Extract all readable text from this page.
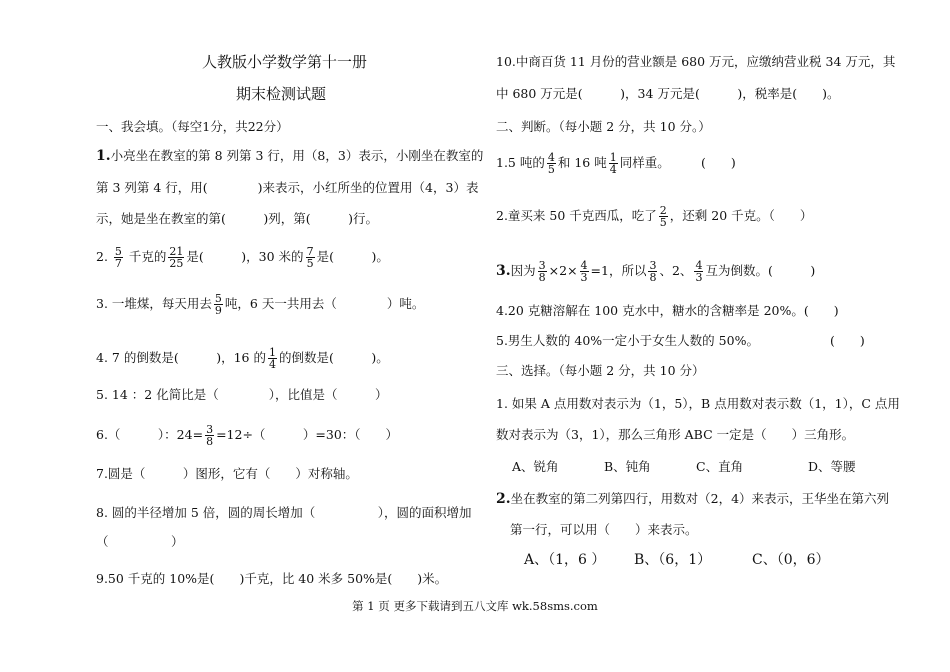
人教版小学数学第十一册
期末检测试题
一、我会填。（每空1分，共22分）
1.小亮坐在教室的第 8 列第 3 行，用（8，3）表示，小刚坐在教室的
第 3 列第 4 行，用(　　　　)来表示，小红所坐的位置用（4，3）表
示，她是坐在教室的第(　　　)列，第(　　　)行。
2. $\frac{5}{7}$ 千克的 $\frac{21}{25}$ 是(　　　)，30 米的 $\frac{7}{5}$ 是(　　　)。
3. 一堆煤，每天用去 $\frac{5}{9}$ 吨，6 天一共用去（　　　　）吨。
4. 7 的倒数是(　　　)，16 的 $\frac{1}{4}$ 的倒数是(　　　)。
5. 14 ：2 化简比是（　　　　），比值是（　　　）
6.（　　　）：$24= \frac{3}{8} =12\div$（　　　）=30：（　　）
7.圆是（　　　）图形，它有（　　）对称轴。
8. 圆的半径增加 5 倍，圆的周长增加（　　　　　），圆的面积增加
（　　　　　）
9.50 千克的 10%是(　　)千克，比 40 米多 50%是(　　)米。
10.中商百货 11 月份的营业额是 680 万元，应缴纳营业税 34 万元，其
中 680 万元是(　　　)，34 万元是(　　　)，税率是(　　)。
二、判断。（每小题 2 分，共 10 分。）
1.5 吨的 $\frac{4}{5}$ 和 16 吨 $\frac{1}{4}$ 同样重。　　　(　　)
2.童买来 50 千克西瓜，吃了 $\frac{2}{5}$ ，还剩 20 千克。（　　）
3.因为 $\frac{3}{8} \times 2\times \frac{4}{3} =1$，所以 $\frac{3}{8}$ 、2、 $\frac{4}{3}$ 互为倒数。(　　　)
4.20 克糖溶解在 100 克水中，糖水的含糖率是 20%。(　　)
5.男生人数的 40%一定小于女生人数的 50%。	(　　)
三、选择。（每小题 2 分，共 10 分）
1. 如果 A 点用数对表示为（1，5），B 点用数对表示数（1，1），C 点用
数对表示为（3，1），那么三角形 ABC 一定是（　　）三角形。
A、锐角	B、钝角	C、直角	D、等腰
2.坐在教室的第二列第四行，用数对（2，4）来表示，王华坐在第六列
第一行，可以用（　　）来表示。
A、（1，6 ） B、（6，1）	C、（0，6）
第 1 页 更多下载请到五八文库 wk.58sms.com
